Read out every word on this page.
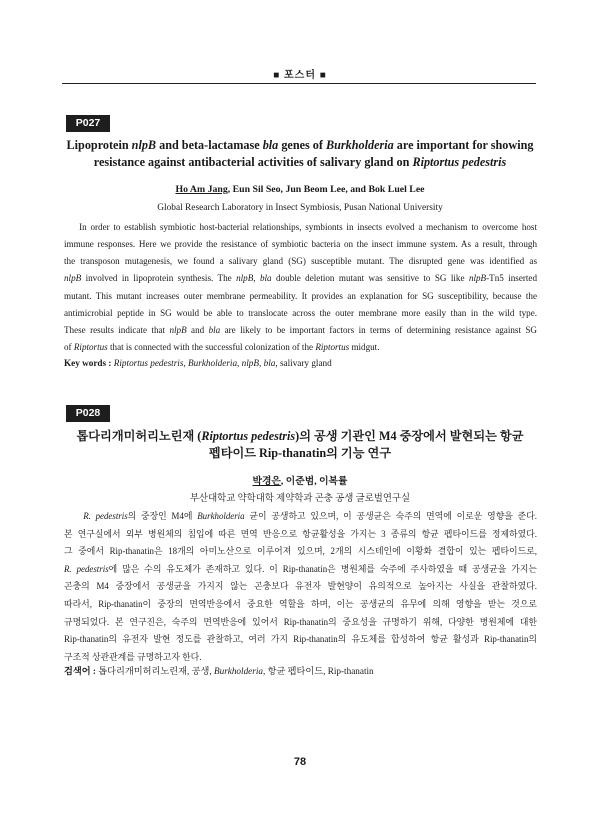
■ 포스터 ■
P027
Lipoprotein nlpB and beta-lactamase bla genes of Burkholderia are important for showing
resistance against antibacterial activities of salivary gland on Riptortus pedestris
Ho Am Jang, Eun Sil Seo, Jun Beom Lee, and Bok Luel Lee
Global Research Laboratory in Insect Symbiosis, Pusan National University
In order to establish symbiotic host-bacterial relationships, symbionts in insects evolved a mechanism to overcome host
immune responses. Here we provide the resistance of symbiotic bacteria on the insect immune system. As a result, through
the transposon mutagenesis, we found a salivary gland (SG) susceptible mutant. The disrupted gene was identified as
nlpB involved in lipoprotein synthesis. The nlpB, bla double deletion mutant was sensitive to SG like nlpB-Tn5 inserted
mutant. This mutant increases outer membrane permeability. It provides an explanation for SG susceptibility, because the
antimicrobial peptide in SG would be able to translocate across the outer membrane more easily than in the wild type.
These results indicate that nlpB and bla are likely to be important factors in terms of determining resistance against SG
of Riptortus that is connected with the successful colonization of the Riptortus midgut.
Key words : Riptortus pedestris, Burkholderia, nlpB, bla, salivary gland
P028
톱다리개미허리노린재 (Riptortus pedestris)의 공생 기관인 M4 중장에서 발현되는 항균
펩타이드 Rip-thanatin의 기능 연구
박경은, 이준범, 이복률
부산대학교 약학대학 제약학과 곤충 공생 글로벌연구실
R. pedestris의 중장인 M4에 Burkholderia 균이 공생하고 있으며, 이 공생균은 숙주의 면역에 이로운 영향을 준다.
본 연구실에서 외부 병원체의 침입에 따른 면역 반응으로 항균활성을 가지는 3 종류의 항균 펩타이드를 정제하였다.
그 중에서 Rip-thanatin은 18개의 아미노산으로 이루어져 있으며, 2개의 시스테인에 이황화 결합이 있는 펩타이드로,
R. pedestris에 많은 수의 유도체가 존재하고 있다. 이 Rip-thanatin은 병원체를 숙주에 주사하였을 때 공생균을 가지는
곤충의 M4 중장에서 공생균을 가지지 않는 곤충보다 유전자 발현양이 유의적으로 높아지는 사실을 관찰하였다.
따라서, Rip-thanatin이 중장의 면역반응에서 중요한 역할을 하며, 이는 공생균의 유무에 의해 영향을 받는 것으로
규명되었다. 본 연구진은, 숙주의 면역반응에 있어서 Rip-thanatin의 중요성을 규명하기 위해, 다양한 병원체에 대한
Rip-thanatin의 유전자 발현 정도를 관찰하고, 여러 가지 Rip-thanatin의 유도체를 합성하여 항균 활성과 Rip-thanatin의
구조적 상관관계를 규명하고자 한다.
검색어 : 톱다리개미허리노린재, 공생, Burkholderia, 항균 펩타이드, Rip-thanatin
78
